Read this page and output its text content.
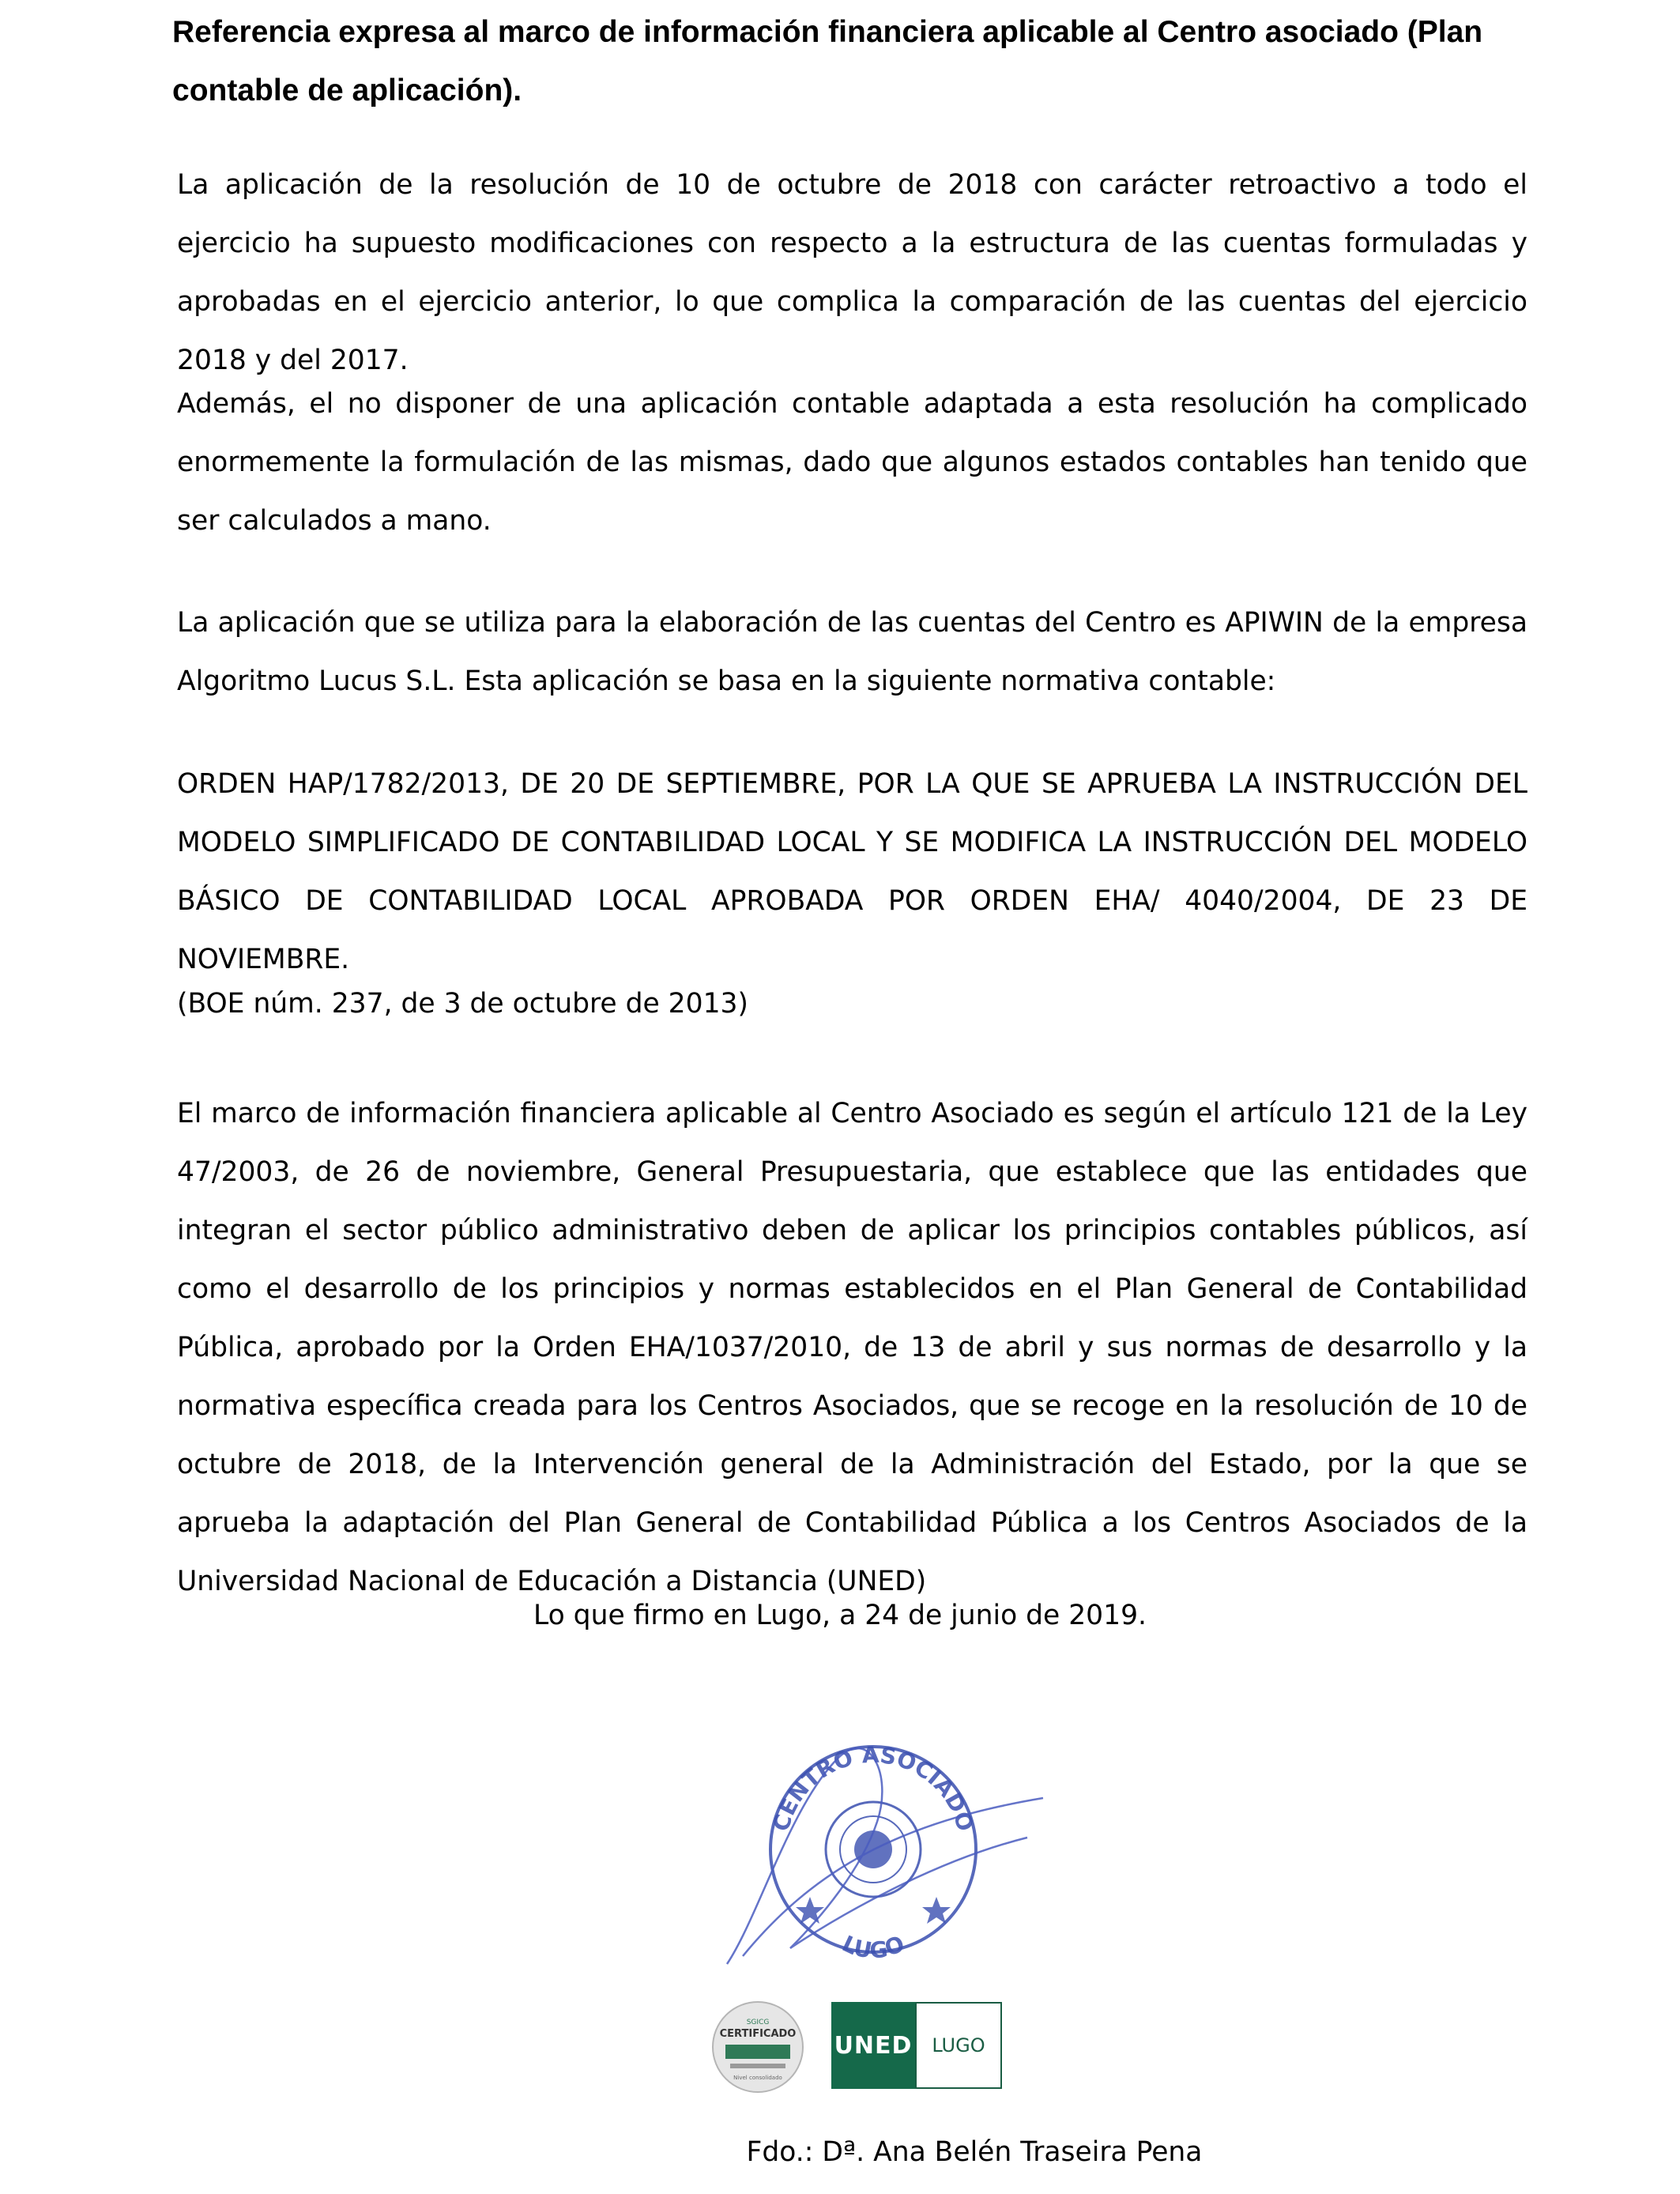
Referencia expresa al marco de información financiera aplicable al Centro asociado (Plan contable de aplicación).

La aplicación de la resolución de 10 de octubre de 2018 con carácter retroactivo a todo el ejercicio ha supuesto modificaciones con respecto a la estructura de las cuentas formuladas y aprobadas en el ejercicio anterior, lo que complica la comparación de las cuentas del ejercicio 2018 y del 2017.

Además, el no disponer de una aplicación contable adaptada a esta resolución ha complicado enormemente la formulación de las mismas, dado que algunos estados contables han tenido que ser calculados a mano.

La aplicación que se utiliza para la elaboración de las cuentas del Centro es APIWIN de la empresa Algoritmo Lucus S.L. Esta aplicación se basa en la siguiente normativa contable:

ORDEN HAP/1782/2013, DE 20 DE SEPTIEMBRE, POR LA QUE SE APRUEBA LA INSTRUCCIÓN DEL MODELO SIMPLIFICADO DE CONTABILIDAD LOCAL Y SE MODIFICA LA INSTRUCCIÓN DEL MODELO BÁSICO DE CONTABILIDAD LOCAL APROBADA POR ORDEN EHA/ 4040/2004, DE 23 DE NOVIEMBRE.

(BOE núm. 237, de 3 de octubre de 2013)

El marco de información financiera aplicable al Centro Asociado es según el artículo 121 de la Ley 47/2003, de 26 de noviembre, General Presupuestaria, que establece que las entidades que integran el sector público administrativo deben de aplicar los principios contables públicos, así como el desarrollo de los principios y normas establecidos en el Plan General de Contabilidad Pública, aprobado por la Orden EHA/1037/2010, de 13 de abril y sus normas de desarrollo y la normativa específica creada para los Centros Asociados, que se recoge en la resolución de 10 de octubre de 2018, de la Intervención general de la Administración del Estado, por la que se aprueba la adaptación del Plan General de Contabilidad Pública a los Centros Asociados de la Universidad Nacional de Educación a Distancia (UNED)

Lo que firmo en Lugo, a 24 de junio de 2019.
CENTRO ASOCIADO
LUGO
SGICG
CERTIFICADO
Nivel consolidado
UNED	LUGO
Fdo.: Dª. Ana Belén Traseira Pena
